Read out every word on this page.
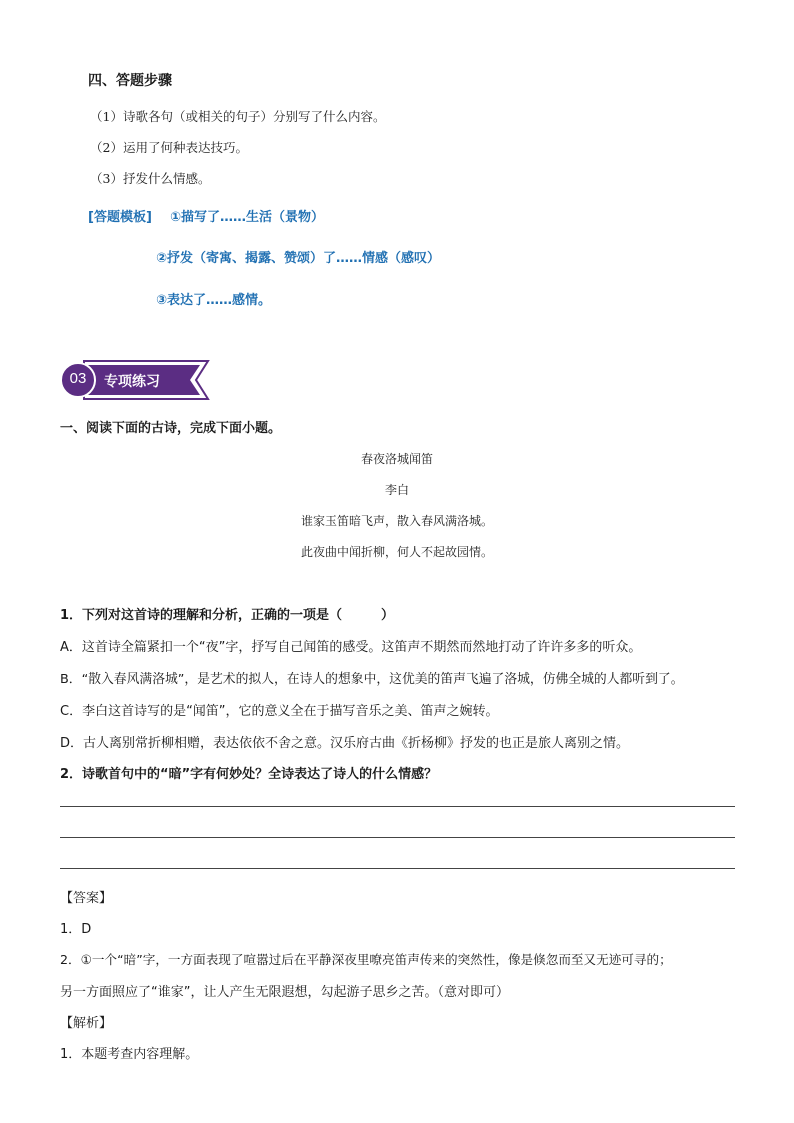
四、答题步骤
（1）诗歌各句（或相关的句子）分别写了什么内容。
（2）运用了何种表达技巧。
（3）抒发什么情感。
[答题模板] ①描写了……生活（景物）
②抒发（寄寓、揭露、赞颂）了……情感（感叹）
③表达了……感情。
03	专项练习
一、阅读下面的古诗，完成下面小题。
春夜洛城闻笛
李白
谁家玉笛暗飞声，散入春风满洛城。
此夜曲中闻折柳，何人不起故园情。
1．下列对这首诗的理解和分析，正确的一项是（　　　）
A．这首诗全篇紧扣一个“夜”字，抒写自己闻笛的感受。这笛声不期然而然地打动了许许多多的听众。
B．“散入春风满洛城”，是艺术的拟人，在诗人的想象中，这优美的笛声飞遍了洛城，仿佛全城的人都听到了。
C．李白这首诗写的是“闻笛”，它的意义全在于描写音乐之美、笛声之婉转。
D．古人离别常折柳相赠，表达依依不舍之意。汉乐府古曲《折杨柳》抒发的也正是旅人离别之情。
2．诗歌首句中的“暗”字有何妙处？全诗表达了诗人的什么情感？
【答案】
1．D
2．①一个“暗”字，一方面表现了喧嚣过后在平静深夜里嘹亮笛声传来的突然性，像是倏忽而至又无迹可寻的；
另一方面照应了“谁家”，让人产生无限遐想，勾起游子思乡之苦。（意对即可）
【解析】
1．本题考查内容理解。
